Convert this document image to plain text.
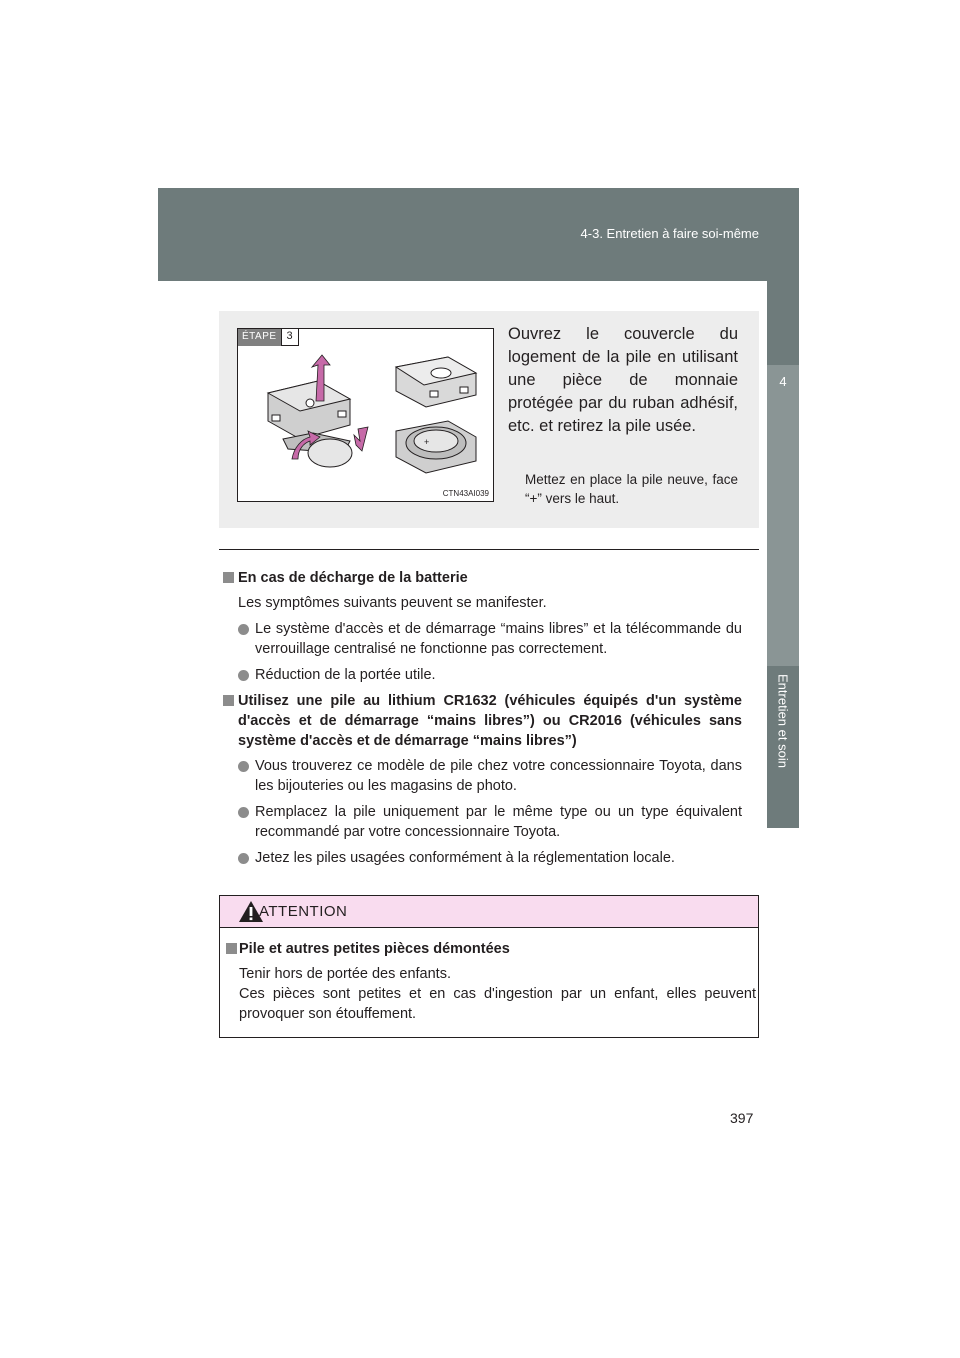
4-3. Entretien à faire soi-même
4
Entretien et soin
ÉTAPE 3
+
CTN43AI039
Ouvrez le couvercle du logement de la pile en utilisant une pièce de monnaie protégée par du ruban adhésif, etc. et retirez la pile usée.
Mettez en place la pile neuve, face “+” vers le haut.
En cas de décharge de la batterie
Les symptômes suivants peuvent se manifester.
Le système d'accès et de démarrage “mains libres” et la télécommande du verrouillage centralisé ne fonctionne pas correctement.
Réduction de la portée utile.
Utilisez une pile au lithium CR1632 (véhicules équipés d'un système d'accès et de démarrage “mains libres”) ou CR2016 (véhicules sans système d'accès et de démarrage “mains libres”)
Vous trouverez ce modèle de pile chez votre concessionnaire Toyota, dans les bijouteries ou les magasins de photo.
Remplacez la pile uniquement par le même type ou un type équivalent recommandé par votre concessionnaire Toyota.
Jetez les piles usagées conformément à la réglementation locale.
ATTENTION
Pile et autres petites pièces démontées
Tenir hors de portée des enfants.
Ces pièces sont petites et en cas d'ingestion par un enfant, elles peuvent provoquer son étouffement.
397
